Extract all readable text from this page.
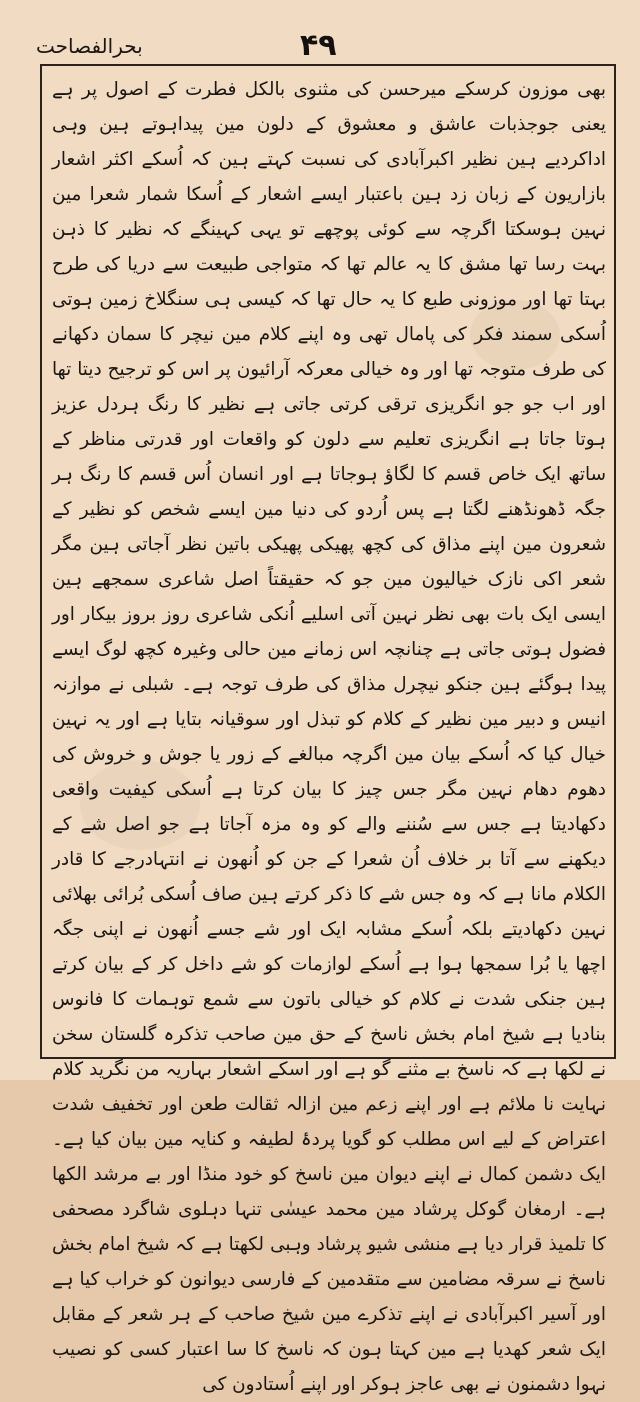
بحرالفصاحت	۴۹
بھی موزون کرسکے میرحسن کی مثنوی بالکل فطرت کے اصول پر ہے یعنی جوجذبات عاشق و معشوق کے دلون مین پیداہوتے ہین وہی اداکردیے ہین نظیر اکبرآبادی کی نسبت کہتے ہین کہ اُسکے اکثر اشعار بازاریون کے زبان زد ہین باعتبار ایسے اشعار کے اُسکا شمار شعرا مین نہین ہوسکتا اگرچہ سے کوئی پوچھے تو یہی کہینگے کہ نظیر کا ذہن بہت رسا تھا مشق کا یہ عالم تھا کہ متواجی طبیعت سے دریا کی طرح بہتا تھا اور موزونی طبع کا یہ حال تھا کہ کیسی ہی سنگلاخ زمین ہوتی اُسکی سمند فکر کی پامال تھی وہ اپنے کلام مین نیچر کا سمان دکھانے کی طرف متوجہ تھا اور وہ خیالی معرکہ آرائیون پر اس کو ترجیح دیتا تھا اور اب جو جو انگریزی ترقی کرتی جاتی ہے نظیر کا رنگ ہردل عزیز ہوتا جاتا ہے انگریزی تعلیم سے دلون کو واقعات اور قدرتی مناظر کے ساتھ ایک خاص قسم کا لگاؤ ہوجاتا ہے اور انسان اُس قسم کا رنگ ہر جگہ ڈھونڈھنے لگتا ہے پس اُردو کی دنیا مین ایسے شخص کو نظیر کے شعرون مین اپنے مذاق کی کچھ پھیکی پھیکی باتین نظر آجاتی ہین مگر شعر اکی نازک خیالیون مین جو کہ حقیقتاً اصل شاعری سمجھے ہین ایسی ایک بات بھی نظر نہین آتی اسلیے اُنکی شاعری روز بروز بیکار اور فضول ہوتی جاتی ہے چنانچہ اس زمانے مین حالی وغیرہ کچھ لوگ ایسے پیدا ہوگئے ہین جنکو نیچرل مذاق کی طرف توجہ ہے۔ شبلی نے موازنہ انیس و دبیر مین نظیر کے کلام کو تبذل اور سوقیانہ بتایا ہے اور یہ نہین خیال کیا کہ اُسکے بیان مین اگرچہ مبالغے کے زور یا جوش و خروش کی دھوم دھام نہین مگر جس چیز کا بیان کرتا ہے اُسکی کیفیت واقعی دکھادیتا ہے جس سے سُننے والے کو وہ مزہ آجاتا ہے جو اصل شے کے دیکھنے سے آتا بر خلاف اُن شعرا کے جن کو اُنھون نے انتہادرجے کا قادر الکلام مانا ہے کہ وہ جس شے کا ذکر کرتے ہین صاف اُسکی بُرائی بھلائی نہین دکھادیتے بلکہ اُسکے مشابہ ایک اور شے جسے اُنھون نے اپنی جگہ اچھا یا بُرا سمجھا ہوا ہے اُسکے لوازمات کو شے داخل کر کے بیان کرتے ہین جنکی شدت نے کلام کو خیالی باتون سے شمع توہمات کا فانوس بنادیا ہے شیخ امام بخش ناسخ کے حق مین صاحب تذکرہ گلستان سخن نے لکھا ہے کہ ناسخ بے مثنے گو ہے اور اسکے اشعار بہاریہ من نگرید کلام نہایت نا ملائم ہے اور اپنے زعم مین ازالہ ثقالت طعن اور تخفیف شدت اعتراض کے لیے اس مطلب کو گویا پردۂ لطیفہ و کنایہ مین بیان کیا ہے۔ ایک دشمن کمال نے اپنے دیوان مین ناسخ کو خود منڈا اور بے مرشد الکھا ہے۔ ارمغان گوکل پرشاد مین محمد عیسٰی تنہا دہلوی شاگرد مصحفی کا تلمیذ قرار دیا ہے منشی شیو پرشاد وہبی لکھتا ہے کہ شیخ امام بخش ناسخ نے سرقہ مضامین سے متقدمین کے فارسی دیوانون کو خراب کیا ہے اور آسیر اکبرآبادی نے اپنے تذکرے مین شیخ صاحب کے ہر شعر کے مقابل ایک شعر کھدیا ہے مین کہتا ہون کہ ناسخ کا سا اعتبار کسی کو نصیب نہوا دشمنون نے بھی عاجز ہوکر اور اپنے اُستادون کی
